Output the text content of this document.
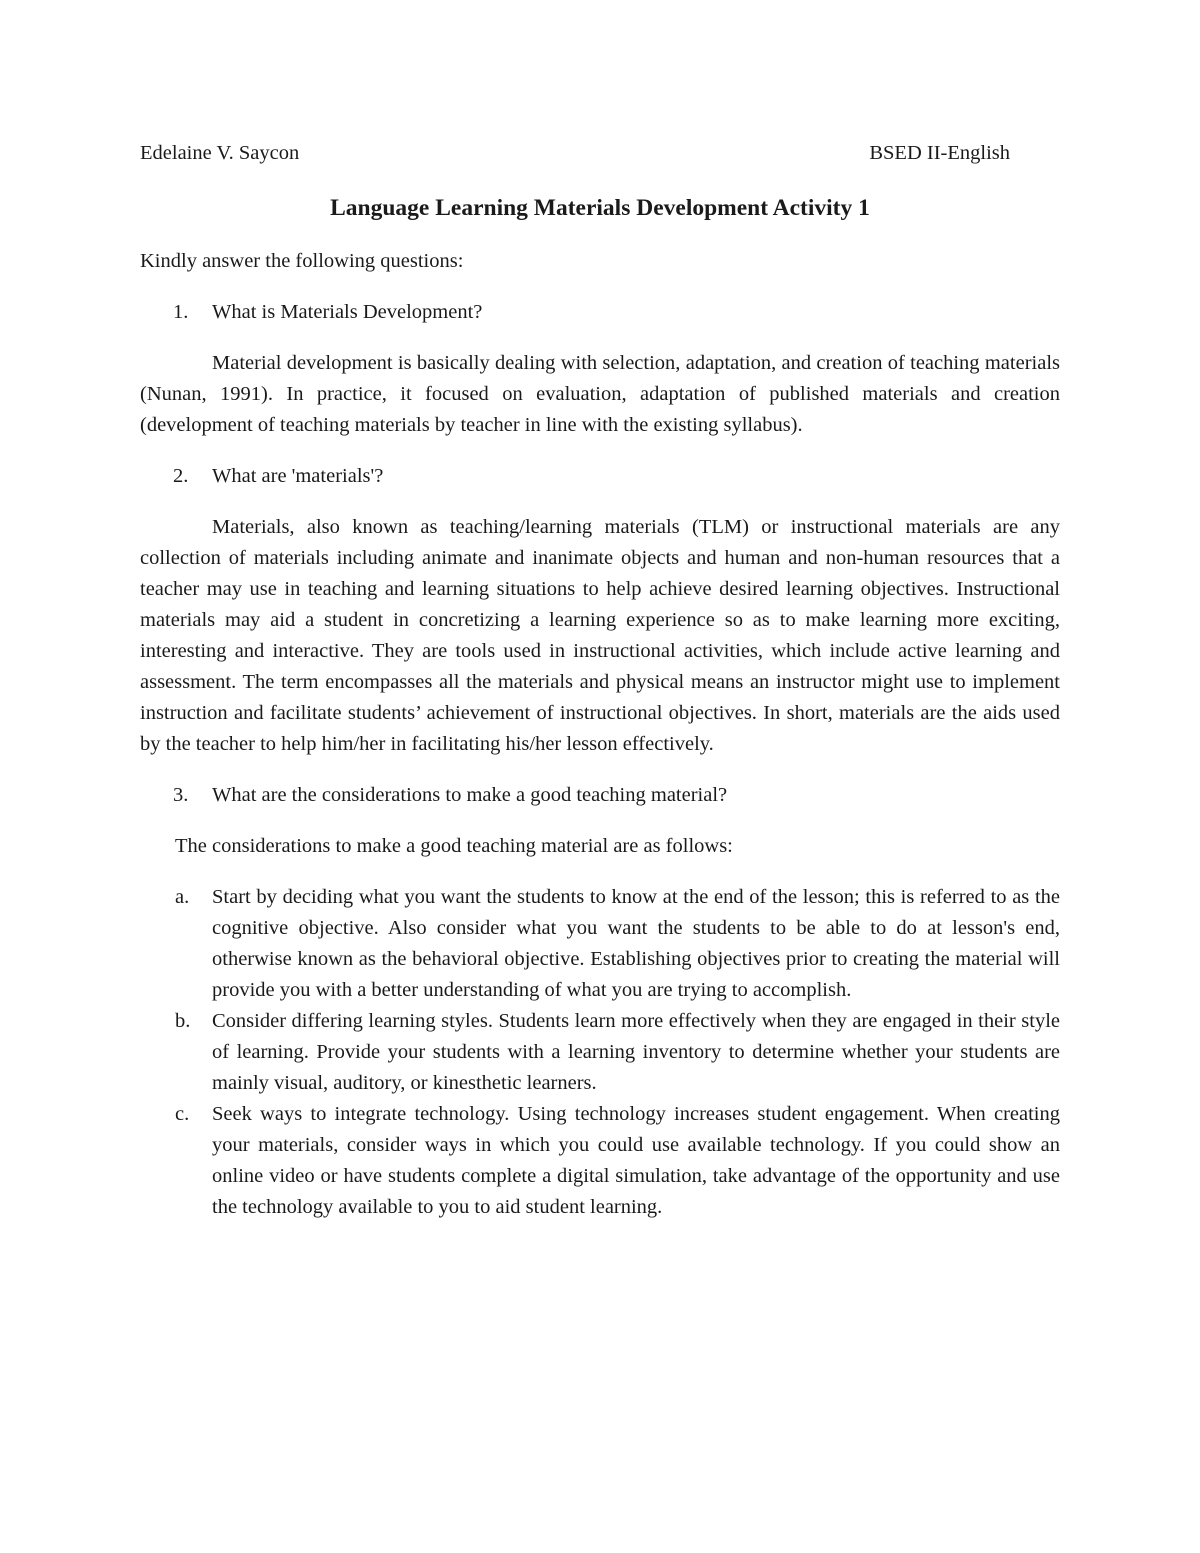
Edelaine V. Saycon	BSED II-English
Language Learning Materials Development Activity 1

Kindly answer the following questions:

1.	What is Materials Development?

Material development is basically dealing with selection, adaptation, and creation of teaching materials (Nunan, 1991). In practice, it focused on evaluation, adaptation of published materials and creation (development of teaching materials by teacher in line with the existing syllabus).

2.	What are 'materials'?

Materials, also known as teaching/learning materials (TLM) or instructional materials are any collection of materials including animate and inanimate objects and human and non-human resources that a teacher may use in teaching and learning situations to help achieve desired learning objectives. Instructional materials may aid a student in concretizing a learning experience so as to make learning more exciting, interesting and interactive. They are tools used in instructional activities, which include active learning and assessment. The term encompasses all the materials and physical means an instructor might use to implement instruction and facilitate students’ achievement of instructional objectives. In short, materials are the aids used by the teacher to help him/her in facilitating his/her lesson effectively.

3.	What are the considerations to make a good teaching material?

The considerations to make a good teaching material are as follows:

a.	Start by deciding what you want the students to know at the end of the lesson; this is referred to as the cognitive objective. Also consider what you want the students to be able to do at lesson's end, otherwise known as the behavioral objective. Establishing objectives prior to creating the material will provide you with a better understanding of what you are trying to accomplish.
b.	Consider differing learning styles. Students learn more effectively when they are engaged in their style of learning. Provide your students with a learning inventory to determine whether your students are mainly visual, auditory, or kinesthetic learners.
c.	Seek ways to integrate technology. Using technology increases student engagement. When creating your materials, consider ways in which you could use available technology. If you could show an online video or have students complete a digital simulation, take advantage of the opportunity and use the technology available to you to aid student learning.
